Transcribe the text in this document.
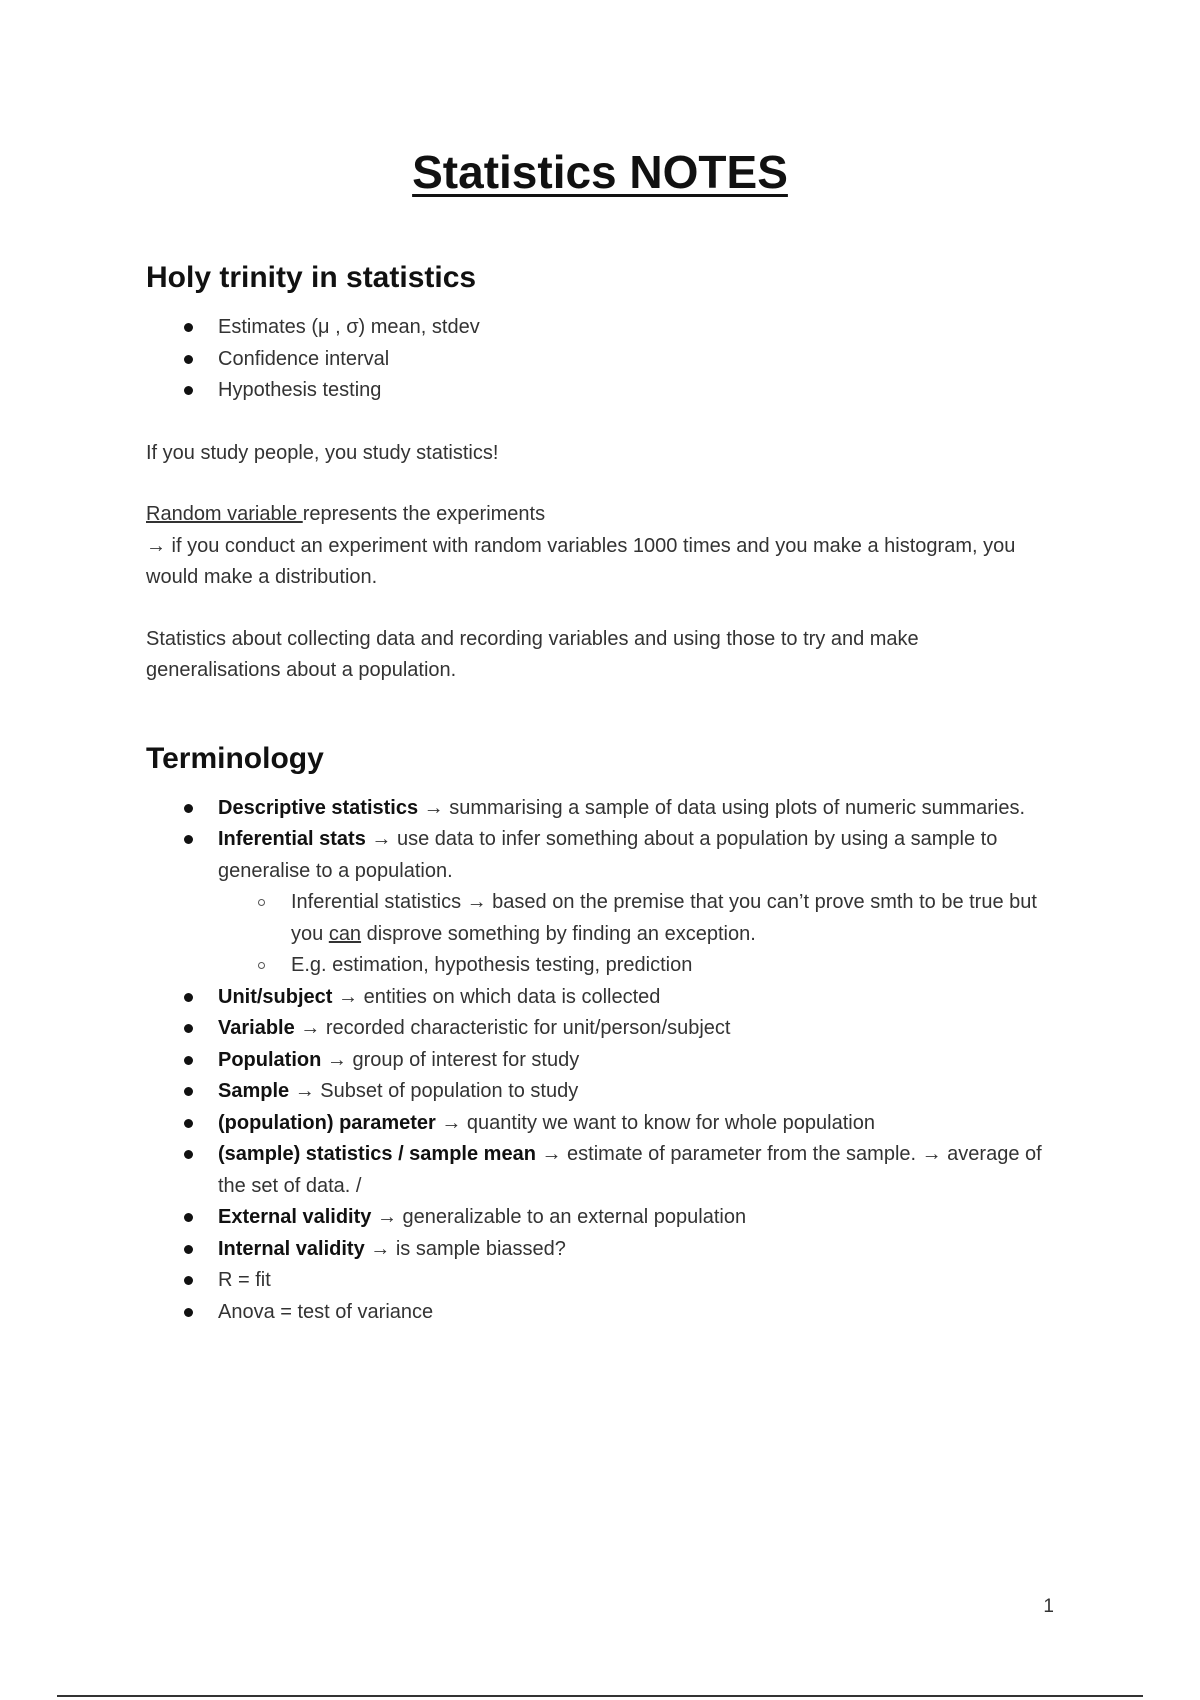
Statistics NOTES
Holy trinity in statistics
Estimates (μ , σ) mean, stdev
Confidence interval
Hypothesis testing

If you study people, you study statistics!

Random variable represents the experiments

→ if you conduct an experiment with random variables 1000 times and you make a histogram, you would make a distribution.

Statistics about collecting data and recording variables and using those to try and make generalisations about a population.

Terminology
Descriptive statistics → summarising a sample of data using plots of numeric summaries.
Inferential stats → use data to infer something about a population by using a sample to generalise to a population.
Inferential statistics → based on the premise that you can’t prove smth to be true but you can disprove something by finding an exception.
E.g. estimation, hypothesis testing, prediction
Unit/subject → entities on which data is collected
Variable → recorded characteristic for unit/person/subject
Population → group of interest for study
Sample → Subset of population to study
(population) parameter → quantity we want to know for whole population
(sample) statistics / sample mean → estimate of parameter from the sample. → average of the set of data. /
External validity → generalizable to an external population
Internal validity → is sample biassed?
R = fit
Anova = test of variance
1
